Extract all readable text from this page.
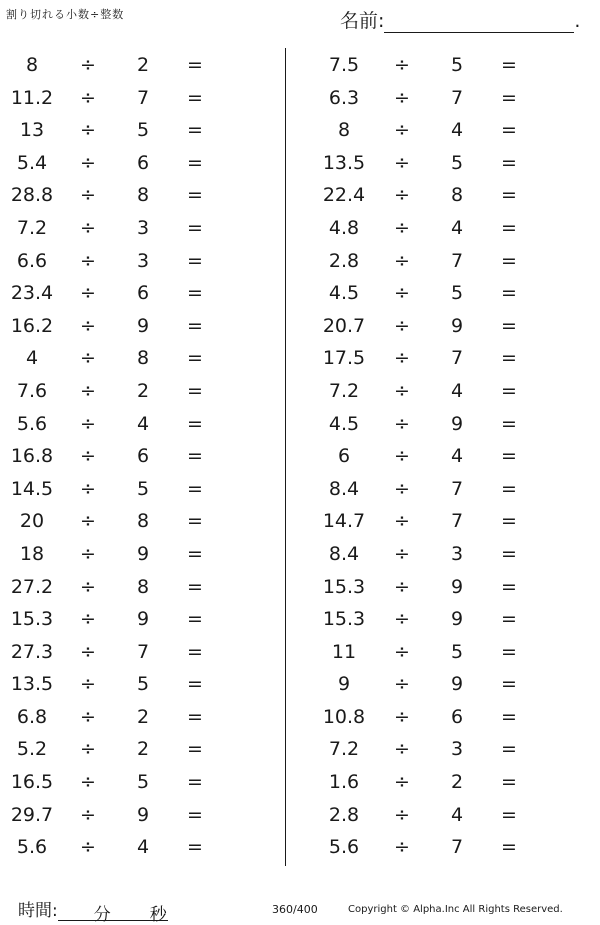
割り切れる小数÷整数	名前:	.
8	÷	2	=
11.2	÷	7	=
13	÷	5	=
5.4	÷	6	=
28.8	÷	8	=
7.2	÷	3	=
6.6	÷	3	=
23.4	÷	6	=
16.2	÷	9	=
4	÷	8	=
7.6	÷	2	=
5.6	÷	4	=
16.8	÷	6	=
14.5	÷	5	=
20	÷	8	=
18	÷	9	=
27.2	÷	8	=
15.3	÷	9	=
27.3	÷	7	=
13.5	÷	5	=
6.8	÷	2	=
5.2	÷	2	=
16.5	÷	5	=
29.7	÷	9	=
5.6	÷	4	=
7.5	÷	5	=
6.3	÷	7	=
8	÷	4	=
13.5	÷	5	=
22.4	÷	8	=
4.8	÷	4	=
2.8	÷	7	=
4.5	÷	5	=
20.7	÷	9	=
17.5	÷	7	=
7.2	÷	4	=
4.5	÷	9	=
6	÷	4	=
8.4	÷	7	=
14.7	÷	7	=
8.4	÷	3	=
15.3	÷	9	=
15.3	÷	9	=
11	÷	5	=
9	÷	9	=
10.8	÷	6	=
7.2	÷	3	=
1.6	÷	2	=
2.8	÷	4	=
5.6	÷	7	=
時間: 分 秒	360/400	Copyright © Alpha.Inc All Rights Reserved.
